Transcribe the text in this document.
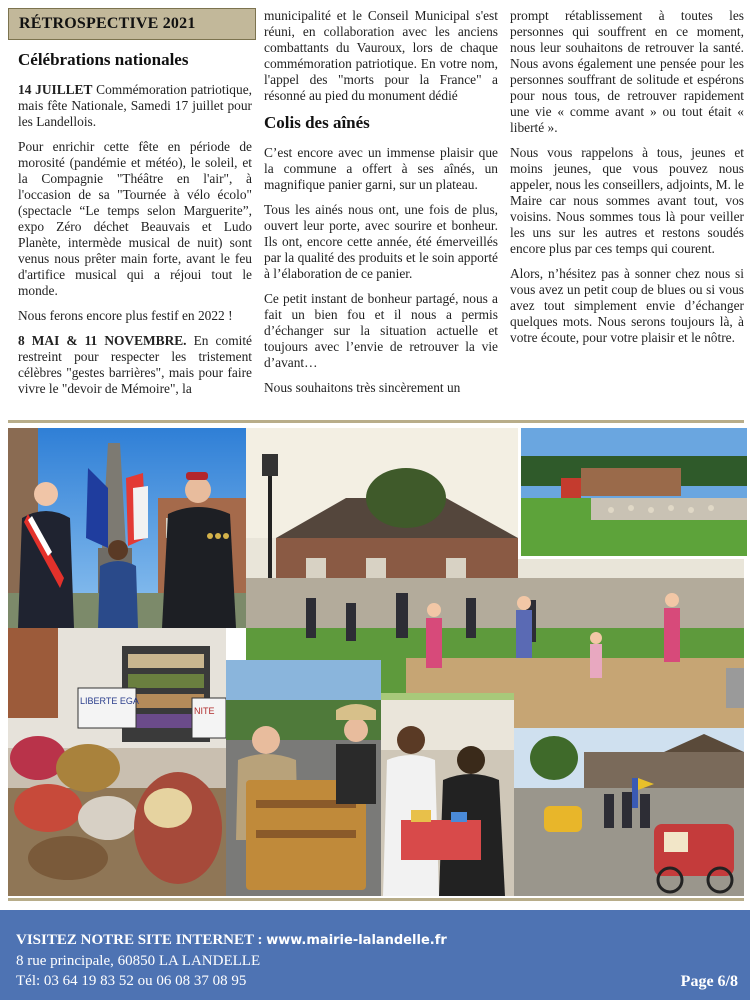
RÉTROSPECTIVE 2021
Célébrations nationales

14 JUILLET Commémoration patriotique, mais fête Nationale, Samedi 17 juillet pour les Landellois.

Pour enrichir cette fête en période de morosité (pandémie et météo), le soleil, et la Compagnie "Théâtre en l'air", à l'occasion de sa "Tournée à vélo écolo" (spectacle “Le temps selon Marguerite”, expo Zéro déchet Beauvais et Ludo Planète, intermède musical de nuit) sont venus nous prêter main forte, avant le feu d'artifice musical qui a réjoui tout le monde.

Nous ferons encore plus festif en 2022 !

8 MAI & 11 NOVEMBRE. En comité restreint pour respecter les tristement célèbres "gestes barrières", mais pour faire vivre le "devoir de Mémoire", la

municipalité et le Conseil Municipal s'est réuni, en collaboration avec les anciens combattants du Vauroux, lors de chaque commémoration patriotique. En votre nom, l'appel des "morts pour la France" a résonné au pied du monument dédié

Colis des aînés

C’est encore avec un immense plaisir que la commune a offert à ses aînés, un magnifique panier garni, sur un plateau.

Tous les ainés nous ont, une fois de plus, ouvert leur porte, avec sourire et bonheur. Ils ont, encore cette année, été émerveillés par la qualité des produits et le soin apporté à l’élaboration de ce panier.

Ce petit instant de bonheur partagé, nous a fait un bien fou et il nous a permis d’échanger sur la situation actuelle et toujours avec l’envie de retrouver la vie d’avant…

Nous souhaitons très sincèrement un

prompt rétablissement à toutes les personnes qui souffrent en ce moment, nous leur souhaitons de retrouver la santé. Nous avons également une pensée pour les personnes souffrant de solitude et espérons pour nous tous, de retrouver rapidement une vie « comme avant » ou tout était « liberté ».

Nous vous rappelons à tous, jeunes et moins jeunes, que vous pouvez nous appeler, nous les conseillers, adjoints, M. le Maire car nous sommes avant tout, vos voisins. Nous sommes tous là pour veiller les uns sur les autres et restons soudés encore plus par ces temps qui courent.

Alors, n’hésitez pas à sonner chez nous si vous avez un petit coup de blues ou si vous avez tout simplement envie d’échanger quelques mots. Nous serons toujours là, à votre écoute, pour votre plaisir et le nôtre.

LIBERTE EGA
NITE
VISITEZ NOTRE SITE INTERNET : www.mairie-lalandelle.fr
8 rue principale, 60850 LA LANDELLE
Tél: 03 64 19 83 52 ou 06 08 37 08 95	Page 6/8
